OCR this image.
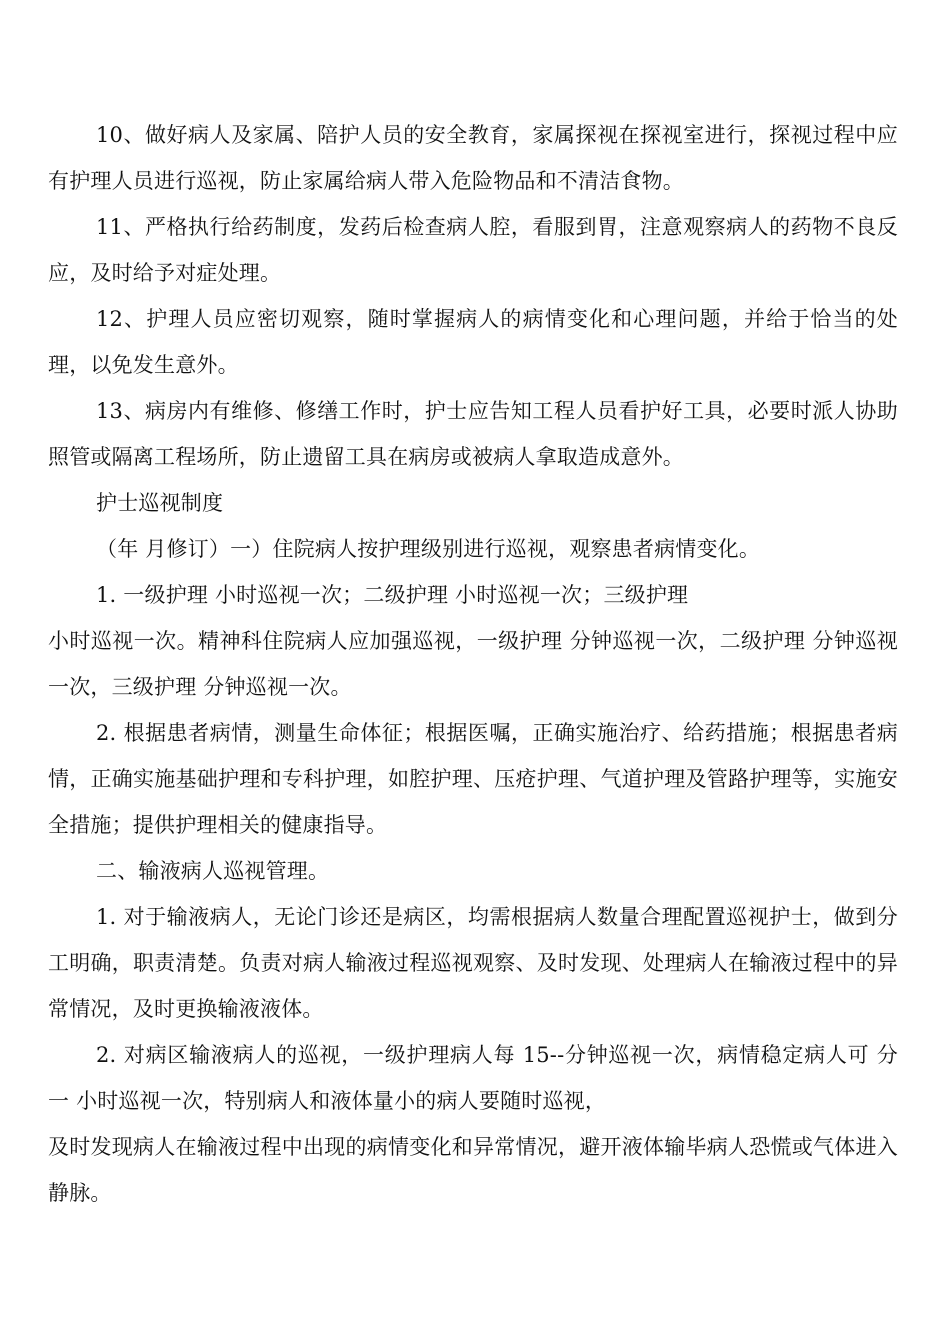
10、做好病人及家属、陪护人员的安全教育，家属探视在探视室进行，探视过程中应有护理人员进行巡视，防止家属给病人带入危险物品和不清洁食物。

11、严格执行给药制度，发药后检查病人腔，看服到胃，注意观察病人的药物不良反应，及时给予对症处理。

12、护理人员应密切观察，随时掌握病人的病情变化和心理问题，并给于恰当的处理，以免发生意外。

13、病房内有维修、修缮工作时，护士应告知工程人员看护好工具，必要时派人协助照管或隔离工程场所，防止遗留工具在病房或被病人拿取造成意外。

护士巡视制度

（年 月修订）一）住院病人按护理级别进行巡视，观察患者病情变化。

1. 一级护理 小时巡视一次；二级护理 小时巡视一次；三级护理

小时巡视一次。精神科住院病人应加强巡视，一级护理 分钟巡视一次，二级护理 分钟巡视一次，三级护理 分钟巡视一次。

2. 根据患者病情，测量生命体征；根据医嘱，正确实施治疗、给药措施；根据患者病情，正确实施基础护理和专科护理，如腔护理、压疮护理、气道护理及管路护理等，实施安全措施；提供护理相关的健康指导。

二、输液病人巡视管理。

1. 对于输液病人，无论门诊还是病区，均需根据病人数量合理配置巡视护士，做到分工明确，职责清楚。负责对病人输液过程巡视观察、及时发现、处理病人在输液过程中的异常情况，及时更换输液液体。

2. 对病区输液病人的巡视，一级护理病人每 15--分钟巡视一次，病情稳定病人可 分一 小时巡视一次，特别病人和液体量小的病人要随时巡视，

及时发现病人在输液过程中出现的病情变化和异常情况，避开液体输毕病人恐慌或气体进入静脉。
